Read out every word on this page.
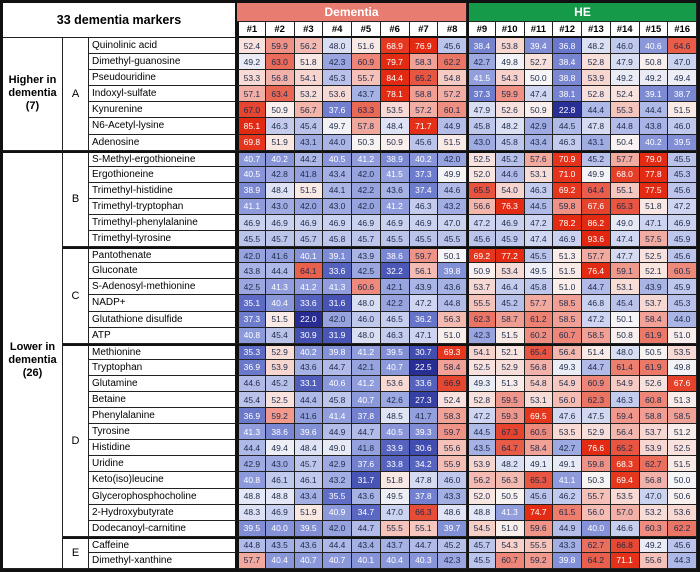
33 dementia markers
Dementia	HE
#1	#2	#3	#4	#5	#6	#7	#8	#9	#10	#11	#12	#13	#14	#15	#16
Higher in
dementia
(7)
Lower in
dementia
(26)
A
Quinolinic acid	52.4	59.9	56.2	48.0	51.6	68.9	76.9	45.6	38.4	53.8	39.4	36.8	48.2	46.0	40.6	64.6
Dimethyl-guanosine	49.2	63.0	51.8	42.3	60.9	79.7	58.3	62.2	42.7	49.8	52.7	38.4	52.8	47.9	50.8	47.0
Pseudouridine	53.3	56.8	54.1	45.3	55.7	84.4	65.2	54.8	41.5	54.3	50.0	38.8	53.9	49.2	49.2	49.4
Indoxyl-sulfate	57.1	63.4	53.2	53.6	43.7	78.1	58.8	57.2	37.3	59.9	47.4	38.1	52.8	52.4	39.1	38.7
Kynurenine	67.0	50.9	56.7	37.6	63.3	53.5	57.2	60.1	47.9	52.6	50.9	22.8	44.4	55.3	44.4	51.5
N6-Acetyl-lysine	85.1	46.3	45.4	49.7	57.8	48.4	71.7	44.9	45.8	48.2	42.9	44.5	47.8	44.8	43.8	46.0
Adenosine	69.8	51.9	43.1	44.0	50.3	50.9	45.6	51.5	43.0	45.8	43.4	46.3	43.1	50.4	40.2	39.5
B
S-Methyl-ergothioneine	40.7	40.2	44.2	40.5	41.2	38.9	40.2	42.0	52.5	45.2	57.6	70.9	45.2	57.7	79.0	45.5
Ergothioneine	40.5	42.8	41.8	43.4	42.0	41.5	37.3	49.9	52.0	44.6	53.1	71.0	49.9	68.0	77.8	45.3
Trimethyl-histidine	38.9	48.4	51.5	44.1	42.2	43.6	37.4	44.6	65.5	54.0	46.3	69.2	64.4	55.1	77.5	45.6
Trimethyl-tryptophan	41.1	43.0	42.0	43.0	42.0	41.2	46.3	43.2	56.6	76.3	44.5	59.8	67.6	65.3	51.8	47.2
Trimethyl-phenylalanine	46.9	46.9	46.9	46.9	46.9	46.9	46.9	47.0	47.2	46.9	47.2	78.2	86.2	49.0	47.1	46.9
Trimethyl-tyrosine	45.5	45.7	45.7	45.8	45.7	45.5	45.5	45.5	45.6	45.9	47.4	46.9	93.6	47.4	57.5	45.9
C
Pantothenate	42.0	41.6	40.1	39.1	43.9	38.6	59.7	50.1	69.2	77.2	45.5	51.3	57.7	47.7	52.5	45.6
Gluconate	43.8	44.4	64.1	33.6	42.5	32.2	56.1	39.8	50.9	53.4	49.5	51.5	76.4	59.1	52.1	60.5
S-Adenosyl-methionine	42.5	41.3	41.2	41.3	60.6	42.1	43.9	43.6	53.7	46.4	45.8	51.0	44.7	53.1	43.9	45.9
NADP+	35.1	40.4	33.6	31.6	48.0	42.2	47.2	44.8	55.5	45.2	57.7	58.5	46.8	45.4	53.7	45.3
Glutathione disulfide	37.3	51.5	22.0	42.0	46.0	46.5	36.2	56.3	62.3	58.7	61.2	58.5	47.2	50.1	58.4	44.0
ATP	40.8	45.4	30.9	31.9	48.0	46.3	47.1	51.0	42.3	51.5	60.2	60.7	58.5	50.8	61.9	51.0
D
Methionine	35.3	52.9	40.2	39.8	41.2	39.5	30.7	69.3	54.1	52.1	65.4	56.4	51.4	48.0	50.5	53.5
Tryptophan	36.9	53.9	43.6	44.7	42.1	40.7	22.5	58.4	52.5	52.9	56.8	49.3	44.7	61.4	61.9	49.8
Glutamine	44.6	45.2	33.1	40.6	41.2	53.6	33.6	66.9	49.3	51.3	54.8	54.9	60.9	54.9	52.6	67.6
Betaine	45.4	52.5	44.4	45.8	40.7	42.6	27.3	52.4	52.8	59.5	53.1	56.0	62.3	46.3	60.8	51.3
Phenylalanine	36.9	59.2	41.6	41.4	37.8	48.5	41.7	58.3	47.2	59.3	69.5	47.6	47.5	59.4	58.8	58.5
Tyrosine	41.3	38.6	39.6	44.9	44.7	40.5	39.3	59.7	44.5	67.3	60.5	53.5	52.9	56.4	53.7	51.2
Histidine	44.4	49.4	48.4	49.0	41.8	33.9	30.6	55.6	43.5	64.7	58.4	42.7	76.6	65.2	53.9	52.5
Uridine	42.9	43.0	45.7	42.9	37.6	33.8	34.2	55.9	53.9	48.2	49.1	49.1	59.8	68.3	62.7	51.5
Keto(iso)leucine	40.8	46.1	46.1	43.2	31.7	51.8	47.8	46.0	56.2	56.3	65.3	41.1	50.3	69.4	56.8	50.0
Glycerophosphocholine	48.8	48.8	43.4	35.5	43.6	49.5	37.8	43.3	52.0	50.5	45.6	46.2	55.7	53.5	47.0	50.6
2-Hydroxybutyrate	48.3	46.9	51.9	40.9	34.7	47.0	66.3	48.6	48.8	41.3	74.7	61.5	56.0	57.0	53.2	53.6
Dodecanoyl-carnitine	39.5	40.0	39.5	42.0	44.7	55.5	55.1	39.7	54.5	51.0	59.6	44.9	40.0	46.6	60.3	62.2
E
Caffeine	44.8	43.5	43.6	44.4	43.4	43.7	44.7	45.2	45.7	54.3	55.5	43.3	62.7	66.8	49.2	45.6
Dimethyl-xanthine	57.7	40.4	40.7	40.7	40.1	40.4	40.3	42.3	45.5	60.7	59.2	39.8	64.2	71.1	55.6	44.3
